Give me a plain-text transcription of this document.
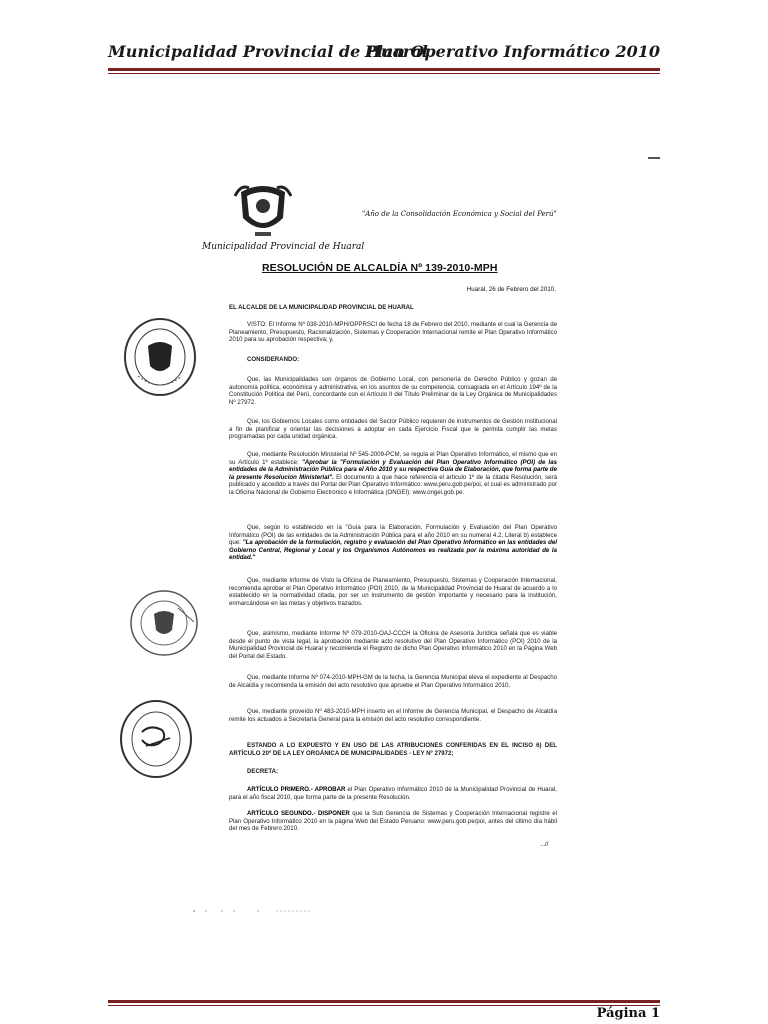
Municipalidad Provincial de Huaral
Plan Operativo Informático 2010
Municipalidad Provincial de Huaral
"Año de la Consolidación Económica y Social del Perú"
RESOLUCIÓN DE ALCALDÍA Nº 139-2010-MPH
Huaral, 26 de Febrero del 2010.
EL ALCALDE DE LA MUNICIPALIDAD PROVINCIAL DE HUARAL
VISTO: El Informe Nº 038-2010-MPH/OPPRSCI de fecha 18 de Febrero del 2010, mediante el cual la Gerencia de Planeamiento, Presupuesto, Racionalización, Sistemas y Cooperación Internacional remite el Plan Operativo Informático 2010 para su aprobación respectiva; y,
CONSIDERANDO:
Que, las Municipalidades son órganos de Gobierno Local, con personería de Derecho Público y gozan de autonomía política, económica y administrativa, en los asuntos de su competencia, consagrada en el Artículo 194º de la Constitución Política del Perú, concordante con el Artículo II del Título Preliminar de la Ley Orgánica de Municipalidades Nº 27972.
Que, los Gobiernos Locales como entidades del Sector Público requieren de instrumentos de Gestión Institucional a fin de planificar y orientar las decisiones a adoptar en cada Ejercicio Fiscal que le permita cumplir las metas programadas por cada unidad orgánica.
Que, mediante Resolución Ministerial Nº 545-2009-PCM, se regula el Plan Operativo Informático, el mismo que en su Artículo 1º establece: "Aprobar la "Formulación y Evaluación del Plan Operativo Informático (POI) de las entidades de la Administración Pública para el Año 2010 y su respectiva Guía de Elaboración, que forma parte de la presente Resolución Ministerial". El documento a que hace referencia el artículo 1º de la citada Resolución, será publicado y accedido a través del Portal del Plan Operativo Informático: www.peru.gob.pe/poi, el cual es administrado por la Oficina Nacional de Gobierno Electrónico e Informática (ONGEI): www.ongei.gob.pe.
Que, según lo establecido en la "Guía para la Elaboración, Formulación y Evaluación del Plan Operativo Informático (POI) de las entidades de la Administración Pública para el año 2010 en su numeral 4.2, Literal b) establece que: "La aprobación de la formulación, registro y evaluación del Plan Operativo Informático en las entidades del Gobierno Central, Regional y Local y los Organismos Autónomos es realizada por la máxima autoridad de la entidad."
Que, mediante Informe de Visto la Oficina de Planeamiento, Presupuesto, Sistemas y Cooperación Internacional, recomienda aprobar el Plan Operativo Informático (POI) 2010, de la Municipalidad Provincial de Huaral de acuerdo a lo establecido en la normatividad citada, por ser un instrumento de gestión importante y necesario para la institución, enmarcándose en las metas y objetivos trazados.
Que, asimismo, mediante Informe Nº 079-2010-OAJ-CCCH la Oficina de Asesoría Jurídica señala que es viable desde el punto de vista legal, la aprobación mediante acto resolutivo del Plan Operativo Informático (POI) 2010 de la Municipalidad Provincial de Huaral y recomienda el Registro de dicho Plan Operativo Informático 2010 en la Página Web del Portal del Estado.
Que, mediante Informe Nº 074-2010-MPH-GM de la fecha, la Gerencia Municipal eleva el expediente al Despacho de Alcaldía y recomienda la emisión del acto resolutivo que apruebe el Plan Operativo Informático 2010.
Que, mediante proveído Nº 483-2010-MPH inserto en el Informe de Gerencia Municipal, el Despacho de Alcaldía remite los actuados a Secretaría General para la emisión del acto resolutivo correspondiente.
ESTANDO A LO EXPUESTO Y EN USO DE LAS ATRIBUCIONES CONFERIDAS EN EL INCISO 6) DEL ARTÍCULO 20º DE LA LEY ORGÁNICA DE MUNICIPALIDADES - LEY Nº 27972;
DECRETA:
ARTÍCULO PRIMERO.- APROBAR el Plan Operativo Informático 2010 de la Municipalidad Provincial de Huaral, para el año fiscal 2010, que forma parte de la presente Resolución.
ARTÍCULO SEGUNDO.- DISPONER que la Sub Gerencia de Sistemas y Cooperación Internacional registre el Plan Operativo Informático 2010 en la página Web del Estado Peruano: www.peru.gob.pe/poi, antes del último día hábil del mes de Febrero 2010.
...//
Página 1
